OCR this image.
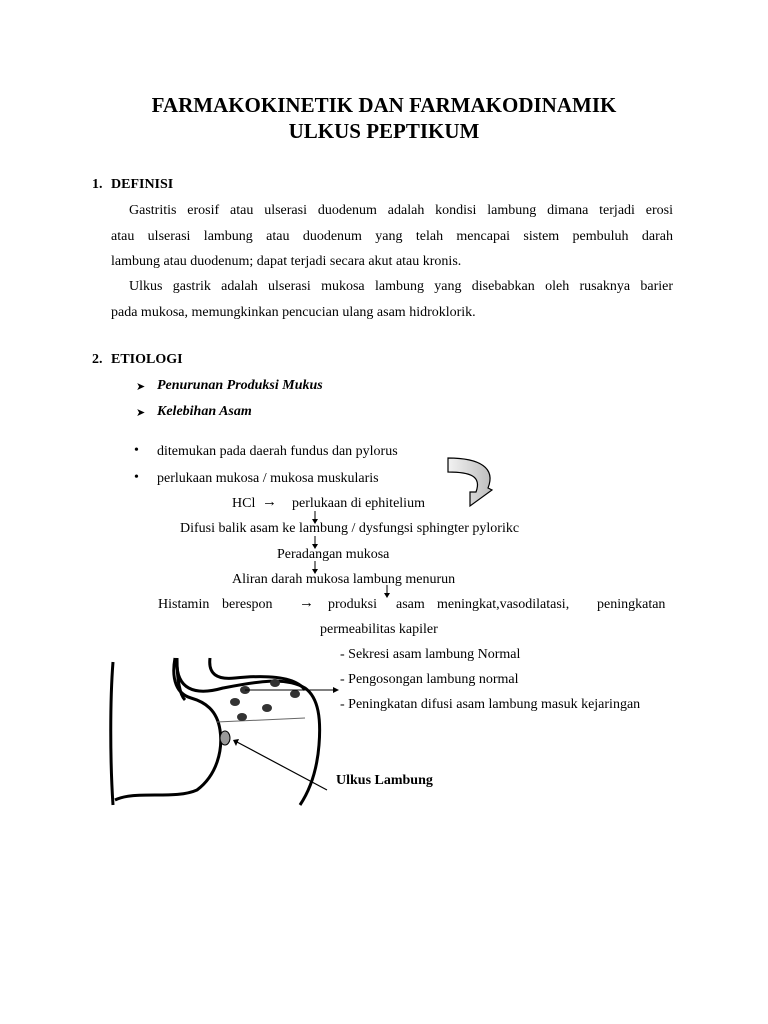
FARMAKOKINETIK DAN FARMAKODINAMIK
ULKUS PEPTIKUM
1. DEFINISI
Gastritis erosif atau ulserasi duodenum adalah kondisi lambung dimana terjadi erosi
atau ulserasi lambung atau duodenum yang telah mencapai sistem pembuluh darah
lambung atau duodenum; dapat terjadi secara akut atau kronis.
Ulkus gastrik adalah ulserasi mukosa lambung yang disebabkan oleh rusaknya barier
pada mukosa, memungkinkan pencucian ulang asam hidroklorik.
2. ETIOLOGI
➤ Penurunan Produksi Mukus
➤ Kelebihan Asam
• ditemukan pada daerah fundus dan pylorus
• perlukaan mukosa / mukosa muskularis
HCl → perlukaan di ephitelium
Difusi balik asam ke lambung / dysfungsi sphingter pylorikc
Peradangan mukosa
Aliran darah mukosa lambung menurun
Histamin berespon → produksi asam meningkat,vasodilatasi, peningkatan
permeabilitas kapiler
- Sekresi asam lambung Normal
- Pengosongan lambung normal
- Peningkatan difusi asam lambung masuk kejaringan
Ulkus Lambung
